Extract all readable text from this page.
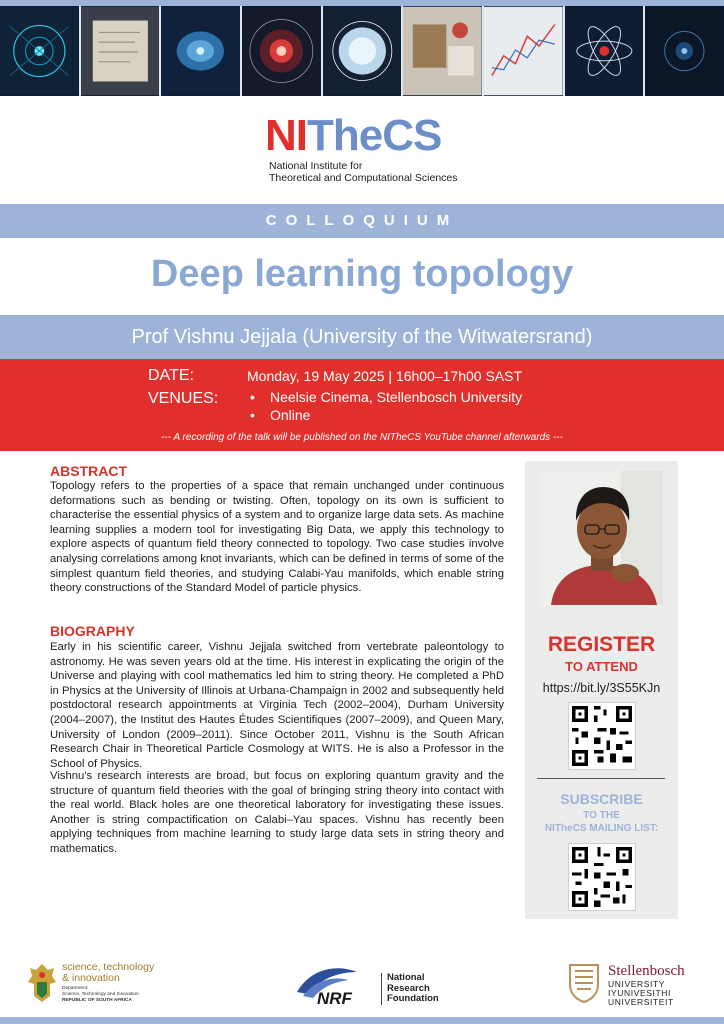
NITheCS
National Institute for
Theoretical and Computational Sciences
COLLOQUIUM
Deep learning topology
Prof Vishnu Jejjala (University of the Witwatersrand)
DATE:	Monday, 19 May 2025 | 16h00–17h00 SAST
VENUES:
•	Neelsie Cinema, Stellenbosch University
• Online
--- A recording of the talk will be published on the NITheCS YouTube channel afterwards ---
ABSTRACT

Topology refers to the properties of a space that remain unchanged under continuous deformations such as bending or twisting. Often, topology on its own is sufficient to characterise the essential physics of a system and to organize large data sets. As machine learning supplies a modern tool for investigating Big Data, we apply this technology to explore aspects of quantum field theory connected to topology. Two case studies involve analysing correlations among knot invariants, which can be defined in terms of some of the simplest quantum field theories, and studying Calabi-Yau manifolds, which enable string theory constructions of the Standard Model of particle physics.

BIOGRAPHY

Early in his scientific career, Vishnu Jejjala switched from vertebrate paleontology to astronomy. He was seven years old at the time. His interest in explicating the origin of the Universe and playing with cool mathematics led him to string theory. He completed a PhD in Physics at the University of Illinois at Urbana-Champaign in 2002 and subsequently held postdoctoral research appointments at Virginia Tech (2002–2004), Durham University (2004–2007), the Institut des Hautes Études Scientifiques (2007–2009), and Queen Mary, University of London (2009–2011). Since October 2011, Vishnu is the South African Research Chair in Theoretical Particle Cosmology at WITS. He is also a Professor in the School of Physics.

Vishnu's research interests are broad, but focus on exploring quantum gravity and the structure of quantum field theories with the goal of bringing string theory into contact with the real world. Black holes are one theoretical laboratory for investigating these issues. Another is string compactification on Calabi–Yau spaces. Vishnu has recently been applying techniques from machine learning to study large data sets in string theory and mathematics.

REGISTER
TO ATTEND
https://bit.ly/3S55KJn
SUBSCRIBE
TO THE
NITheCS MAILING LIST:
science, technology
& innovation
Department:
Science, Technology and Innovation
REPUBLIC OF SOUTH AFRICA	NRF
National
Research
Foundation
Stellenbosch
UNIVERSITY
IYUNIVESITHI
UNIVERSITEIT
